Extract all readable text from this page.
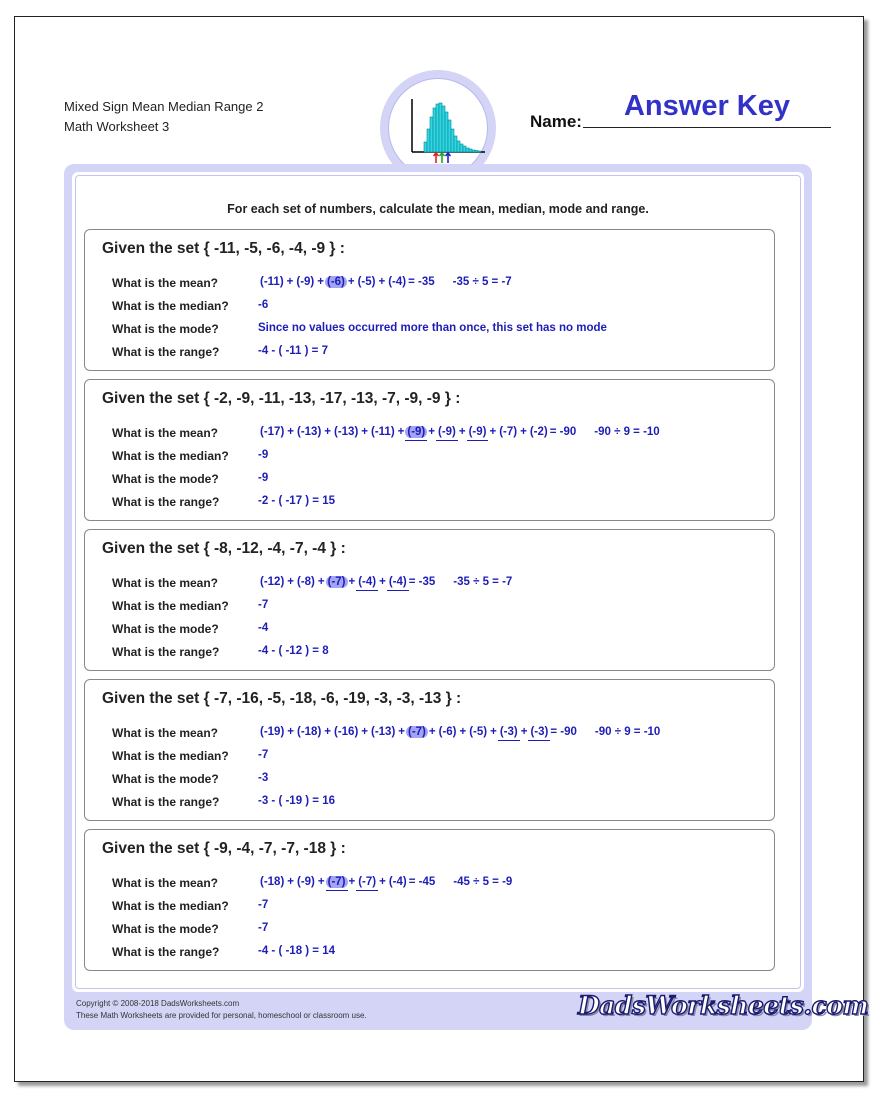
Mixed Sign Mean Median Range 2
Math Worksheet 3	Name:	Answer Key
For each set of numbers, calculate the mean, median, mode and range.
Given the set { -11, -5, -6, -4, -9 } :
What is the mean?	(-11) + (-9) + (-6) + (-5) + (-4) = -35 -35 ÷ 5 = -7
What is the median?	-6
What is the mode?	Since no values occurred more than once, this set has no mode
What is the range?	-4 - ( -11 ) = 7
Given the set { -2, -9, -11, -13, -17, -13, -7, -9, -9 } :
What is the mean?	(-17) + (-13) + (-13) + (-11) + (-9) + (-9) + (-9) + (-7) + (-2) = -90 -90 ÷ 9 = -10
What is the median?	-9
What is the mode?	-9
What is the range?	-2 - ( -17 ) = 15
Given the set { -8, -12, -4, -7, -4 } :
What is the mean?	(-12) + (-8) + (-7) + (-4) + (-4) = -35 -35 ÷ 5 = -7
What is the median?	-7
What is the mode?	-4
What is the range?	-4 - ( -12 ) = 8
Given the set { -7, -16, -5, -18, -6, -19, -3, -3, -13 } :
What is the mean?	(-19) + (-18) + (-16) + (-13) + (-7) + (-6) + (-5) + (-3) + (-3) = -90 -90 ÷ 9 = -10
What is the median?	-7
What is the mode?	-3
What is the range?	-3 - ( -19 ) = 16
Given the set { -9, -4, -7, -7, -18 } :
What is the mean?	(-18) + (-9) + (-7) + (-7) + (-4) = -45 -45 ÷ 5 = -9
What is the median?	-7
What is the mode?	-7
What is the range?	-4 - ( -18 ) = 14
Copyright © 2008-2018 DadsWorksheets.com
These Math Worksheets are provided for personal, homeschool or classroom use.	DadsWorksheets.com
